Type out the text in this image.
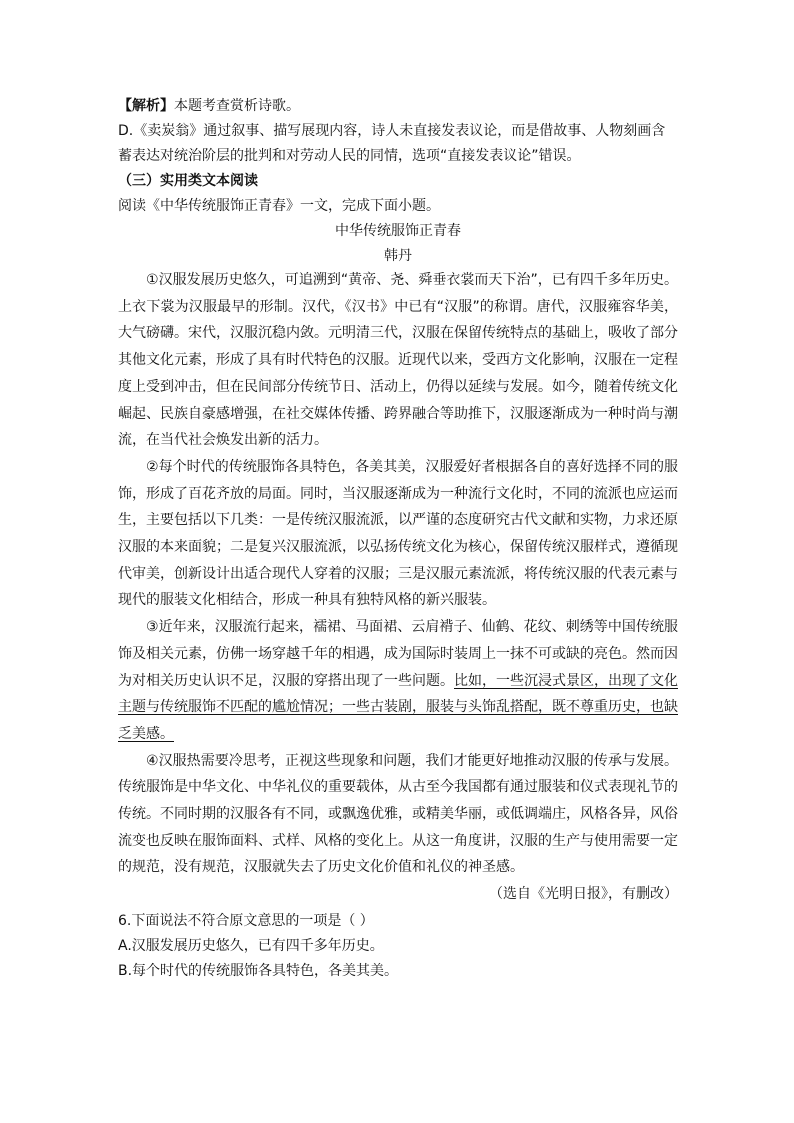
【解析】本题考查赏析诗歌。
D.《卖炭翁》通过叙事、描写展现内容，诗人未直接发表议论，而是借故事、人物刻画含
蓄表达对统治阶层的批判和对劳动人民的同情，选项“直接发表议论”错误。
（三）实用类文本阅读
阅读《中华传统服饰正青春》一文，完成下面小题。
中华传统服饰正青春
韩丹

①汉服发展历史悠久，可追溯到“黄帝、尧、舜垂衣裳而天下治”，已有四千多年历史。上衣下裳为汉服最早的形制。汉代，《汉书》中已有“汉服”的称谓。唐代，汉服雍容华美，大气磅礴。宋代，汉服沉稳内敛。元明清三代，汉服在保留传统特点的基础上，吸收了部分其他文化元素，形成了具有时代特色的汉服。近现代以来，受西方文化影响，汉服在一定程度上受到冲击，但在民间部分传统节日、活动上，仍得以延续与发展。如今，随着传统文化崛起、民族自豪感增强，在社交媒体传播、跨界融合等助推下，汉服逐渐成为一种时尚与潮流，在当代社会焕发出新的活力。

②每个时代的传统服饰各具特色，各美其美，汉服爱好者根据各自的喜好选择不同的服饰，形成了百花齐放的局面。同时，当汉服逐渐成为一种流行文化时，不同的流派也应运而生，主要包括以下几类：一是传统汉服流派，以严谨的态度研究古代文献和实物，力求还原汉服的本来面貌；二是复兴汉服流派，以弘扬传统文化为核心，保留传统汉服样式，遵循现代审美，创新设计出适合现代人穿着的汉服；三是汉服元素流派，将传统汉服的代表元素与现代的服装文化相结合，形成一种具有独特风格的新兴服装。

③近年来，汉服流行起来，襦裙、马面裙、云肩褙子、仙鹤、花纹、刺绣等中国传统服饰及相关元素，仿佛一场穿越千年的相遇，成为国际时装周上一抹不可或缺的亮色。然而因为对相关历史认识不足，汉服的穿搭出现了一些问题。比如，一些沉浸式景区，出现了文化主题与传统服饰不匹配的尴尬情况；一些古装剧，服装与头饰乱搭配，既不尊重历史，也缺乏美感。

④汉服热需要冷思考，正视这些现象和问题，我们才能更好地推动汉服的传承与发展。传统服饰是中华文化、中华礼仪的重要载体，从古至今我国都有通过服装和仪式表现礼节的传统。不同时期的汉服各有不同，或飘逸优雅，或精美华丽，或低调端庄，风格各异，风俗流变也反映在服饰面料、式样、风格的变化上。从这一角度讲，汉服的生产与使用需要一定的规范，没有规范，汉服就失去了历史文化价值和礼仪的神圣感。

（选自《光明日报》，有删改）
6.下面说法不符合原文意思的一项是（ ）
A.汉服发展历史悠久，已有四千多年历史。
B.每个时代的传统服饰各具特色，各美其美。
